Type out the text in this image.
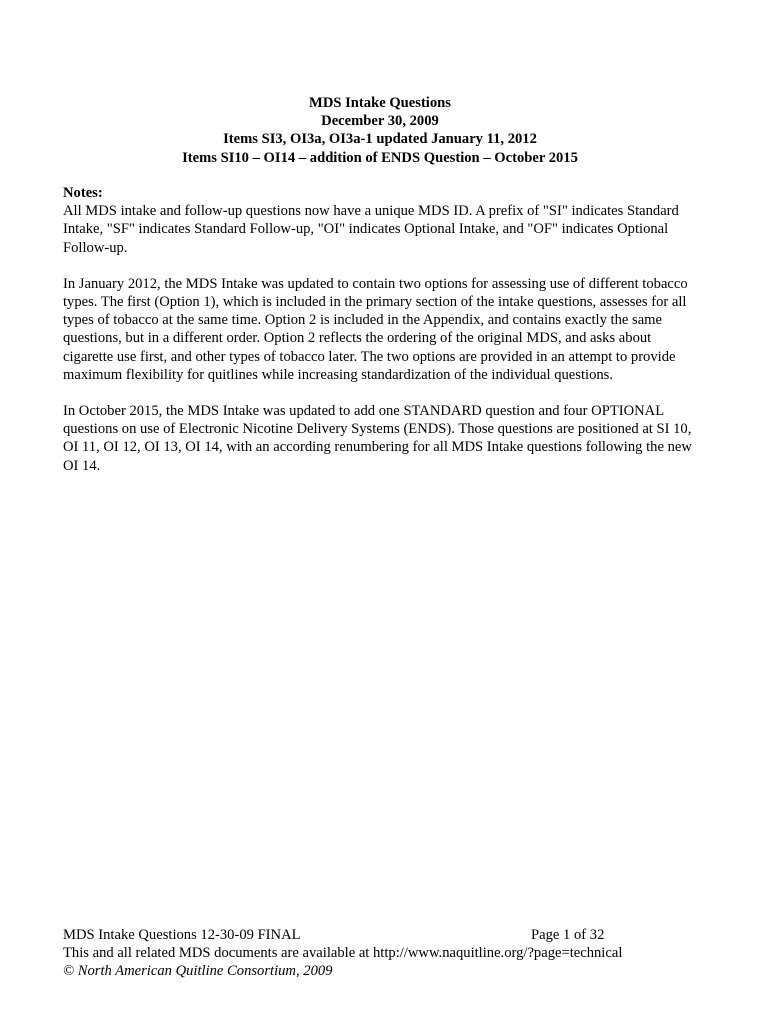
MDS Intake Questions
December 30, 2009
Items SI3, OI3a, OI3a-1 updated January 11, 2012
Items SI10 – OI14 – addition of ENDS Question – October 2015

Notes:

All MDS intake and follow-up questions now have a unique MDS ID. A prefix of "SI" indicates Standard Intake, "SF" indicates Standard Follow-up, "OI" indicates Optional Intake, and "OF" indicates Optional Follow-up.

In January 2012, the MDS Intake was updated to contain two options for assessing use of different tobacco types. The first (Option 1), which is included in the primary section of the intake questions, assesses for all types of tobacco at the same time. Option 2 is included in the Appendix, and contains exactly the same questions, but in a different order. Option 2 reflects the ordering of the original MDS, and asks about cigarette use first, and other types of tobacco later. The two options are provided in an attempt to provide maximum flexibility for quitlines while increasing standardization of the individual questions.

In October 2015, the MDS Intake was updated to add one STANDARD question and four OPTIONAL questions on use of Electronic Nicotine Delivery Systems (ENDS). Those questions are positioned at SI 10, OI 11, OI 12, OI 13, OI 14, with an according renumbering for all MDS Intake questions following the new OI 14.

MDS Intake Questions 12-30-09 FINAL	Page 1 of 32
This and all related MDS documents are available at http://www.naquitline.org/?page=technical
© North American Quitline Consortium, 2009
